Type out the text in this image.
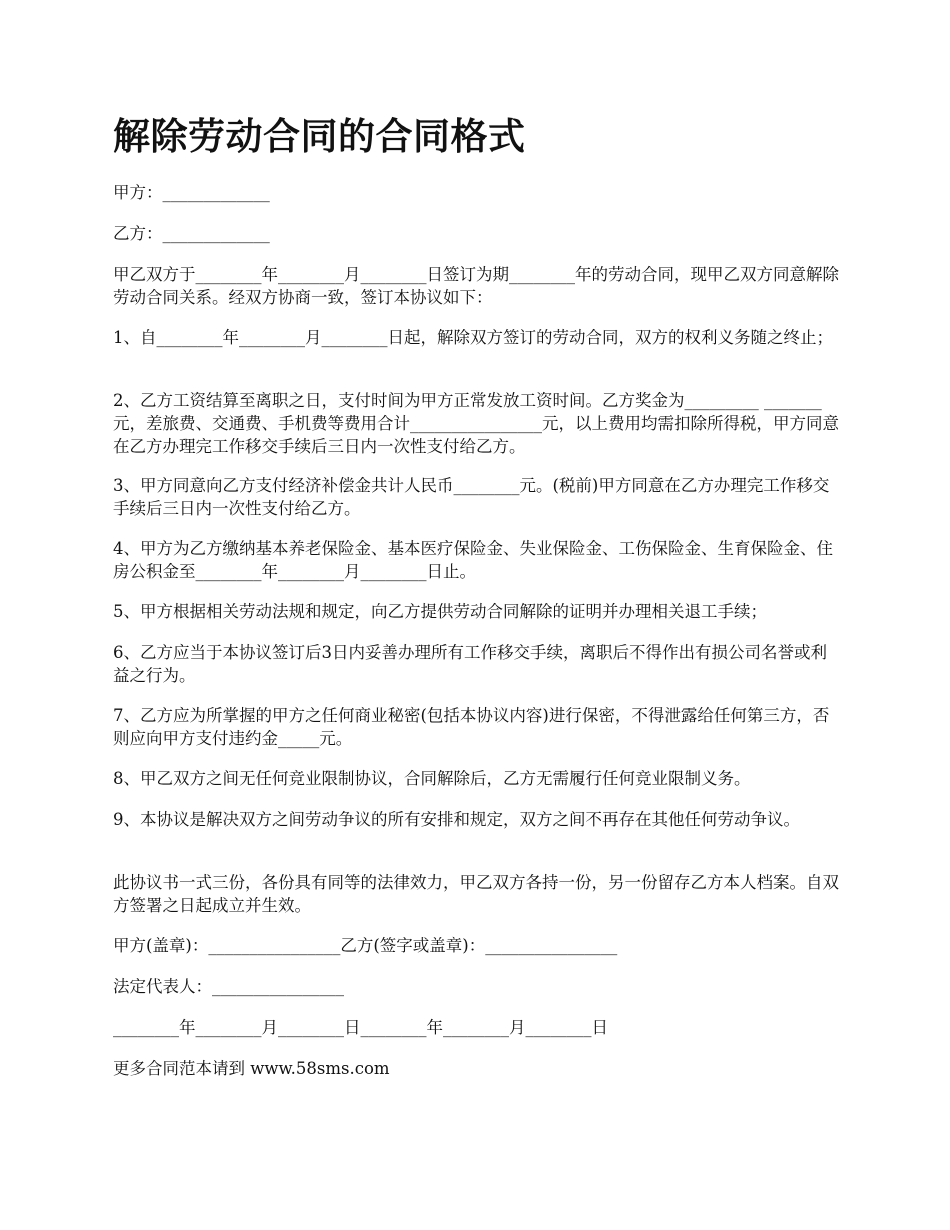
解除劳动合同的合同格式

甲方：_____________

乙方：_____________

甲乙双方于________年________月________日签订为期________年的劳动合同，现甲乙双方同意解除劳动合同关系。经双方协商一致，签订本协议如下：

1、自________年________月________日起，解除双方签订的劳动合同，双方的权利义务随之终止；

2、乙方工资结算至离职之日，支付时间为甲方正常发放工资时间。乙方奖金为_________ _______元，差旅费、交通费、手机费等费用合计________________元，以上费用均需扣除所得税，甲方同意在乙方办理完工作移交手续后三日内一次性支付给乙方。

3、甲方同意向乙方支付经济补偿金共计人民币________元。(税前)甲方同意在乙方办理完工作移交手续后三日内一次性支付给乙方。

4、甲方为乙方缴纳基本养老保险金、基本医疗保险金、失业保险金、工伤保险金、生育保险金、住房公积金至________年________月________日止。

5、甲方根据相关劳动法规和规定，向乙方提供劳动合同解除的证明并办理相关退工手续；

6、乙方应当于本协议签订后3日内妥善办理所有工作移交手续，离职后不得作出有损公司名誉或利益之行为。

7、乙方应为所掌握的甲方之任何商业秘密(包括本协议内容)进行保密，不得泄露给任何第三方，否则应向甲方支付违约金_____元。

8、甲乙双方之间无任何竞业限制协议，合同解除后，乙方无需履行任何竞业限制义务。

9、本协议是解决双方之间劳动争议的所有安排和规定，双方之间不再存在其他任何劳动争议。

此协议书一式三份，各份具有同等的法律效力，甲乙双方各持一份，另一份留存乙方本人档案。自双方签署之日起成立并生效。

甲方(盖章)：________________乙方(签字或盖章)：________________

法定代表人：________________

________年________月________日________年________月________日

更多合同范本请到 www.58sms.com
